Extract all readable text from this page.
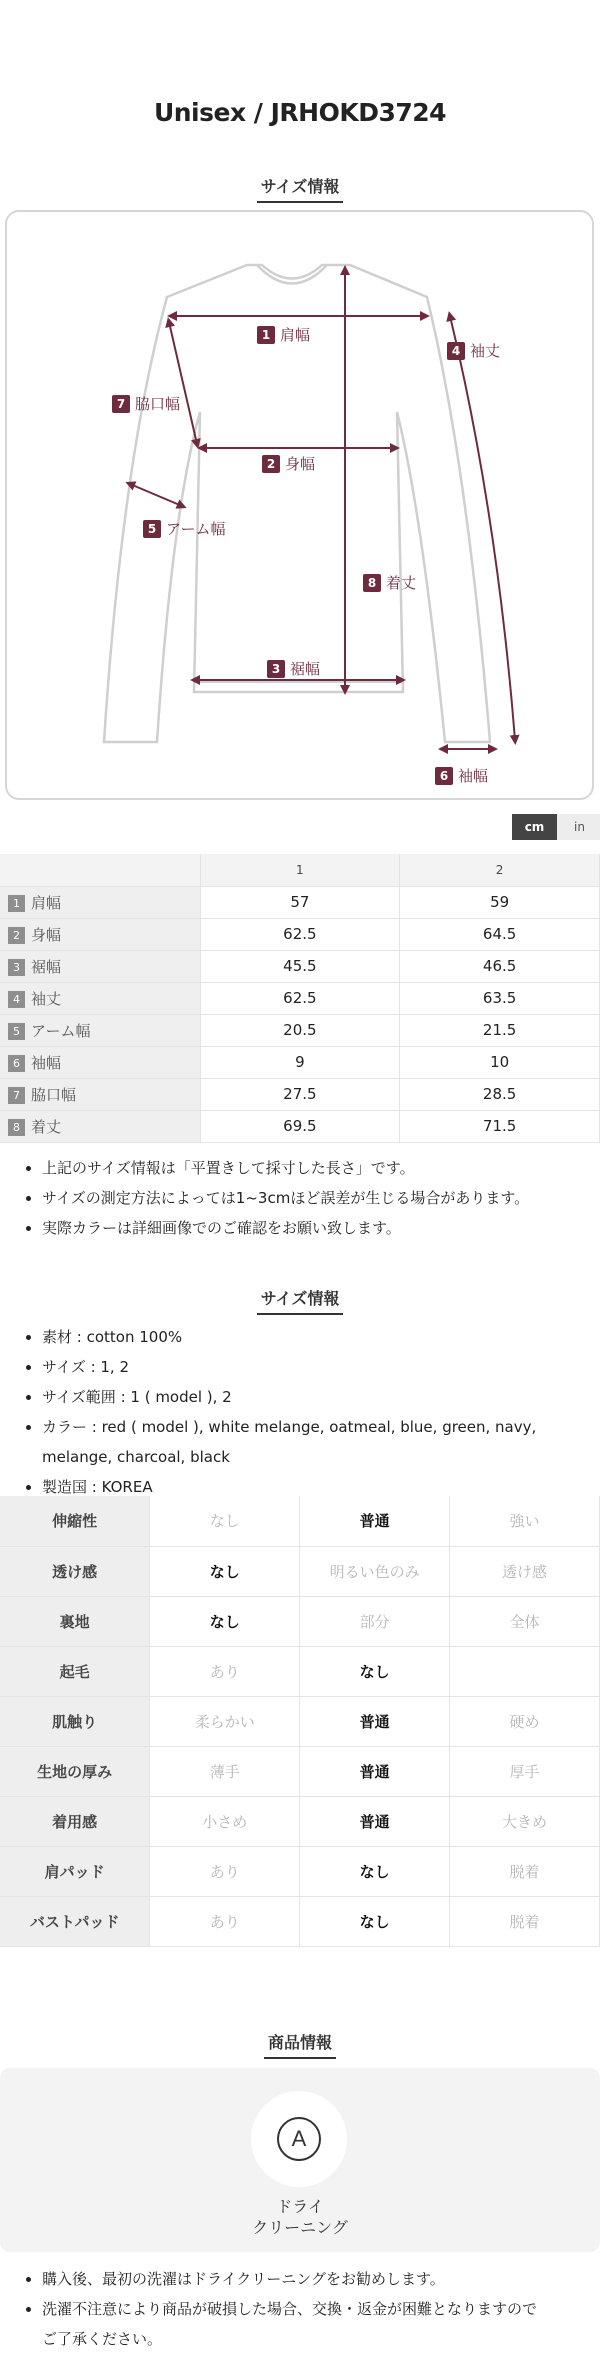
Unisex / JRHOKD3724
サイズ情報
1 肩幅
4 袖丈
7 脇口幅
2 身幅
5 アーム幅
8 着丈
3 裾幅
6 袖幅
cm	in
	1	2
1 肩幅	57	59
2 身幅	62.5	64.5
3 裾幅	45.5	46.5
4 袖丈	62.5	63.5
5 アーム幅	20.5	21.5
6 袖幅	9	10
7 脇口幅	27.5	28.5
8 着丈	69.5	71.5
• 上記のサイズ情報は「平置きして採寸した長さ」です。
• サイズの測定方法によっては1~3cmほど誤差が生じる場合があります。
• 実際カラーは詳細画像でのご確認をお願い致します。
サイズ情報
• 素材 : cotton 100%
• サイズ : 1, 2
• サイズ範囲 : 1 ( model ), 2
• カラー : red ( model ), white melange, oatmeal, blue, green, navy,
melange, charcoal, black
• 製造国 : KOREA
伸縮性	なし	普通	強い
透け感	なし	明るい色のみ	透け感
裏地	なし	部分	全体
起毛	あり	なし	
肌触り	柔らかい	普通	硬め
生地の厚み	薄手	普通	厚手
着用感	小さめ	普通	大きめ
肩パッド	あり	なし	脱着
バストパッド	あり	なし	脱着
商品情報
A
ドライ
クリーニング
• 購入後、最初の洗濯はドライクリーニングをお勧めします。
• 洗濯不注意により商品が破損した場合、交換・返金が困難となりますので
ご了承ください。
